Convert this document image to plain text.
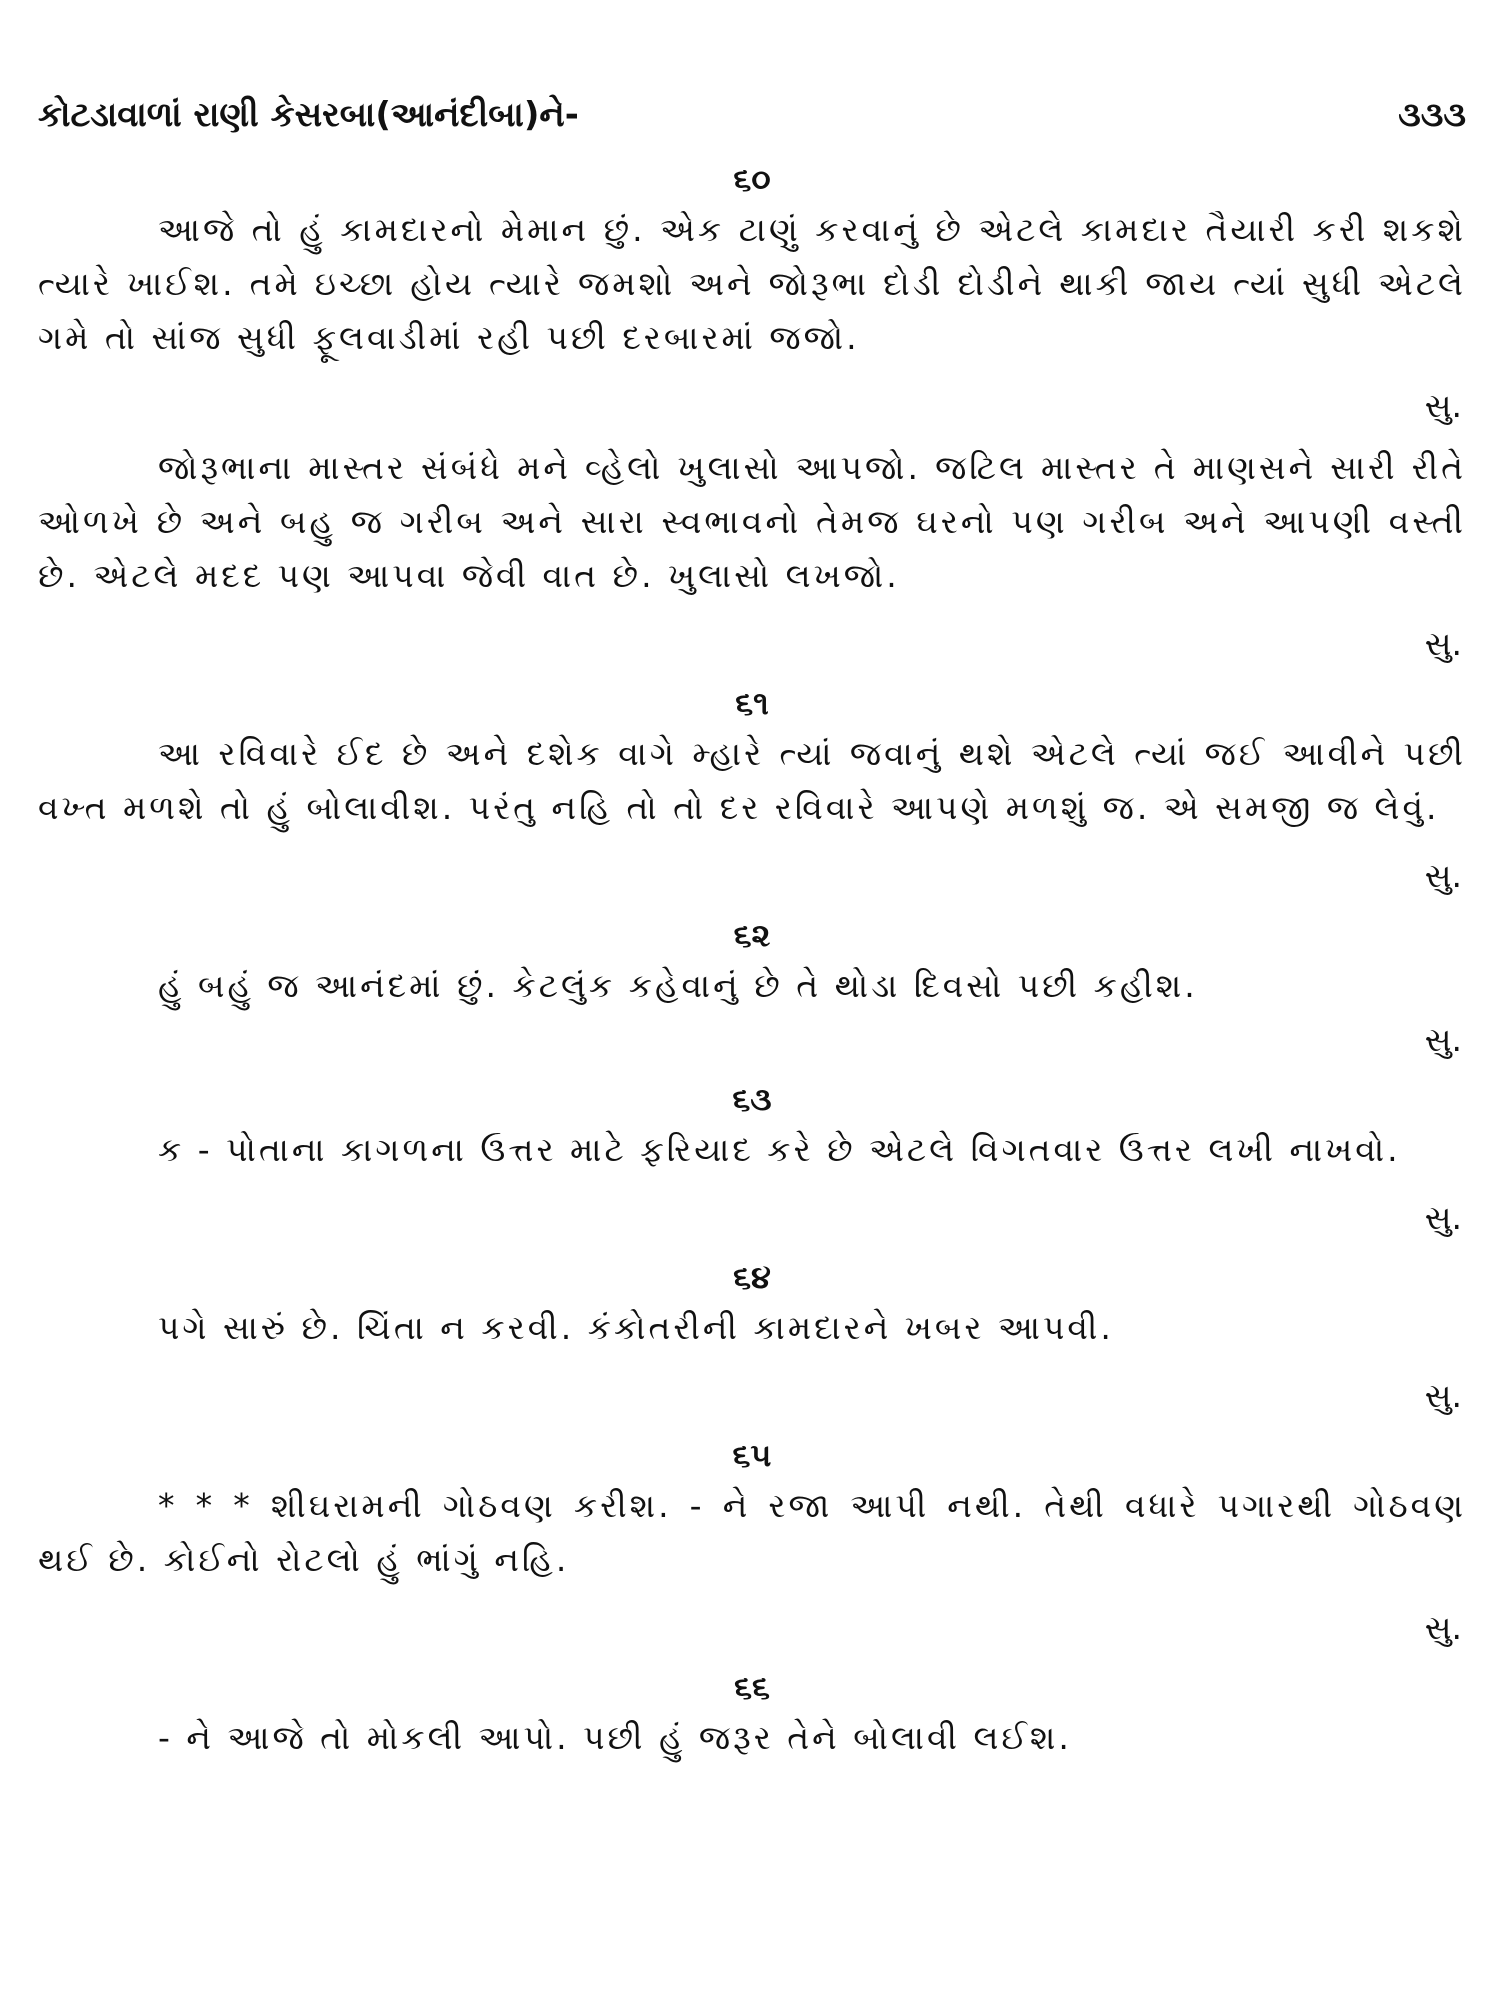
કોટડાવાળાં રાણી કેસરબા(આનંદીબા)ને-	૩૩૩
૬૦

આજે તો હું કામદારનો મેમાન છું. એક ટાણું કરવાનું છે એટલે કામદાર તૈયારી કરી શકશે ત્યારે ખાઈશ. તમે ઇચ્છા હોય ત્યારે જમશો અને જોરૂભા દોડી દોડીને થાકી જાય ત્યાં સુધી એટલે ગમે તો સાંજ સુધી ફૂલવાડીમાં રહી પછી દરબારમાં જજો.

સુ.

જોરૂભાના માસ્તર સંબંધે મને વ્હેલો ખુલાસો આપજો. જટિલ માસ્તર તે માણસને સારી રીતે ઓળખે છે અને બહુ જ ગરીબ અને સારા સ્વભાવનો તેમજ ઘરનો પણ ગરીબ અને આપણી વસ્તી છે. એટલે મદદ પણ આપવા જેવી વાત છે. ખુલાસો લખજો.

સુ.
૬૧

આ રવિવારે ઈદ છે અને દશેક વાગે મ્હારે ત્યાં જવાનું થશે એટલે ત્યાં જઈ આવીને પછી વખ્ત મળશે તો હું બોલાવીશ. પરંતુ નહિ તો તો દર રવિવારે આપણે મળશું જ. એ સમજી જ લેવું.

સુ.
૬૨

હું બહું જ આનંદમાં છું. કેટલુંક કહેવાનું છે તે થોડા દિવસો પછી કહીશ.

સુ.
૬૩

ક - પોતાના કાગળના ઉત્તર માટે ફરિયાદ કરે છે એટલે વિગતવાર ઉત્તર લખી નાખવો.

સુ.
૬૪

પગે સારું છે. ચિંતા ન કરવી. કંકોતરીની કામદારને ખબર આપવી.

સુ.
૬૫

* * * શીઘરામની ગોઠવણ કરીશ. - ને રજા આપી નથી. તેથી વધારે પગારથી ગોઠવણ થઈ છે. કોઈનો રોટલો હું ભાંગું નહિ.

સુ.
૬૬

- ને આજે તો મોકલી આપો. પછી હું જરૂર તેને બોલાવી લઈશ.
